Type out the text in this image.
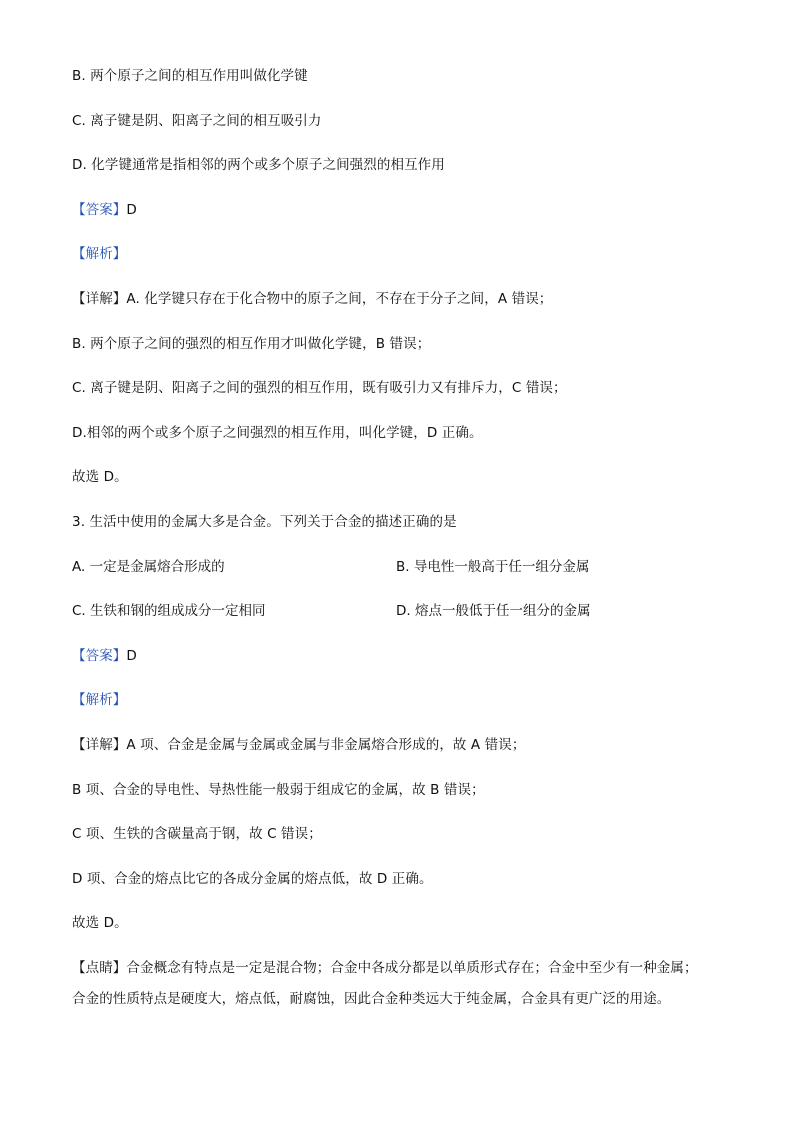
B. 两个原子之间的相互作用叫做化学键
C. 离子键是阴、阳离子之间的相互吸引力
D. 化学键通常是指相邻的两个或多个原子之间强烈的相互作用
【答案】D
【解析】
【详解】A. 化学键只存在于化合物中的原子之间，不存在于分子之间，A 错误；
B. 两个原子之间的强烈的相互作用才叫做化学键，B 错误；
C. 离子键是阴、阳离子之间的强烈的相互作用，既有吸引力又有排斥力，C 错误；
D.相邻的两个或多个原子之间强烈的相互作用，叫化学键，D 正确。
故选 D。
3. 生活中使用的金属大多是合金。下列关于合金的描述正确的是
A. 一定是金属熔合形成的	B. 导电性一般高于任一组分金属
C. 生铁和钢的组成成分一定相同	D. 熔点一般低于任一组分的金属
【答案】D
【解析】
【详解】A 项、合金是金属与金属或金属与非金属熔合形成的，故 A 错误；
B 项、合金的导电性、导热性能一般弱于组成它的金属，故 B 错误；
C 项、生铁的含碳量高于钢，故 C 错误；
D 项、合金的熔点比它的各成分金属的熔点低，故 D 正确。
故选 D。
【点睛】合金概念有特点是一定是混合物；合金中各成分都是以单质形式存在；合金中至少有一种金属；
合金的性质特点是硬度大，熔点低，耐腐蚀，因此合金种类远大于纯金属，合金具有更广泛的用途。
